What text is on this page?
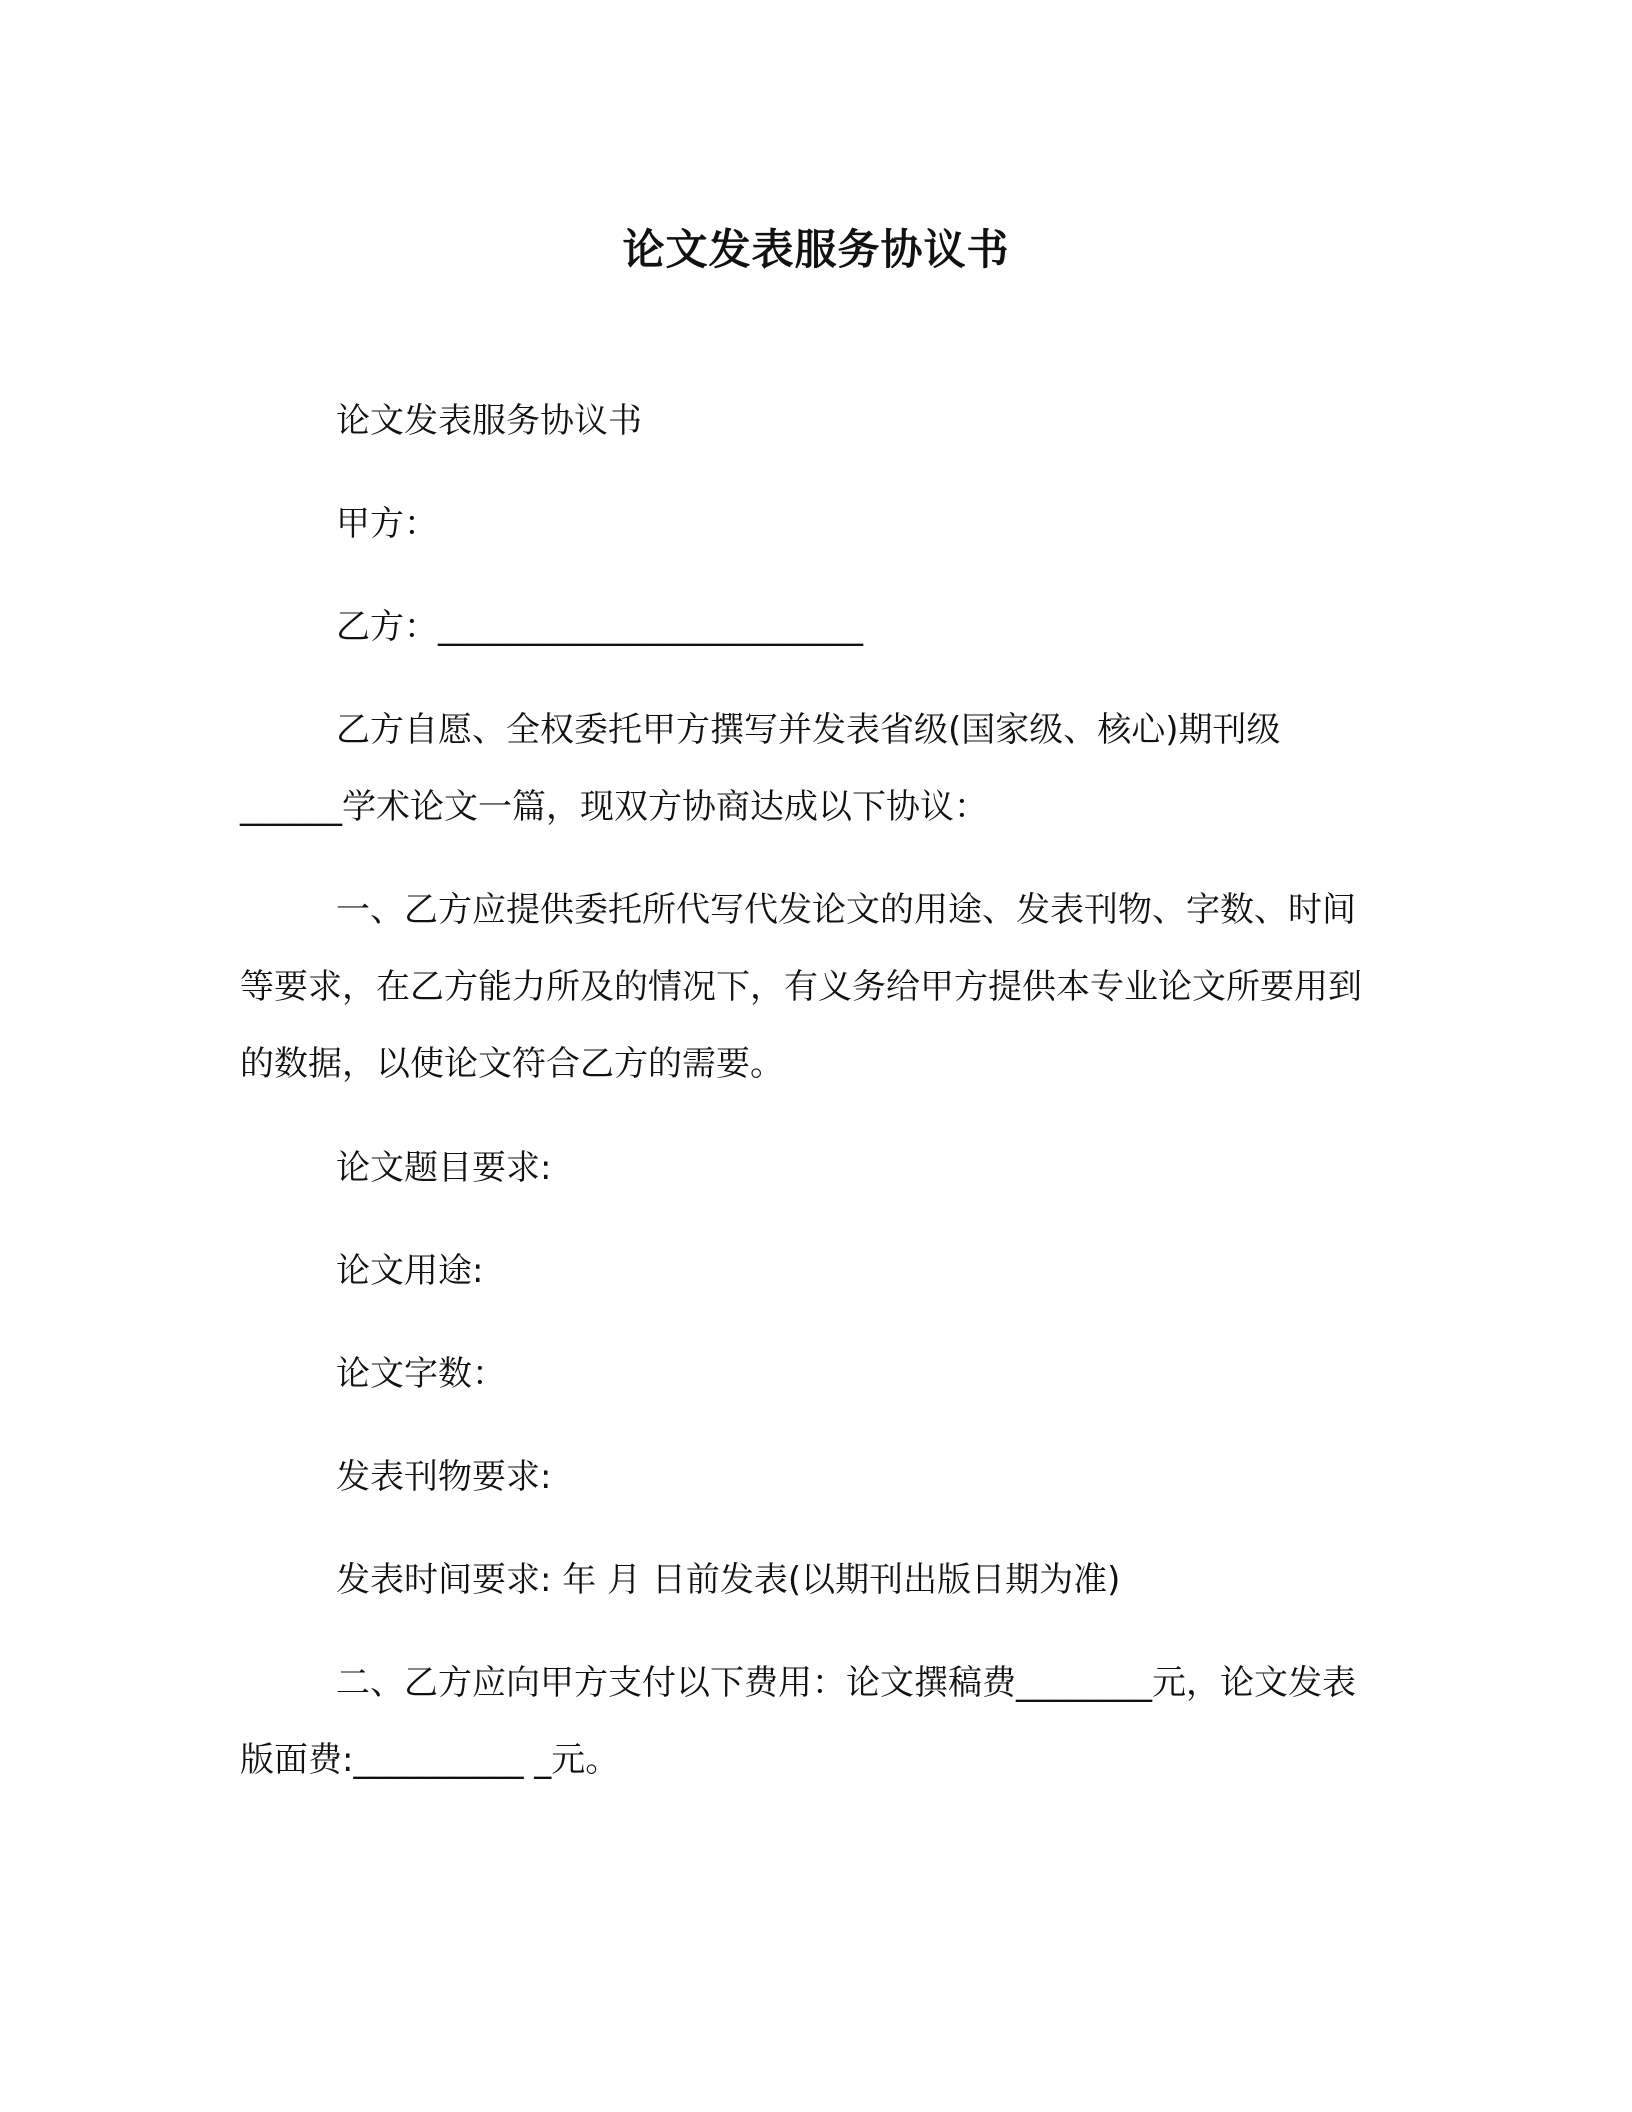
论文发表服务协议书

论文发表服务协议书

甲方：

乙方：_________________________

乙方自愿、全权委托甲方撰写并发表省级(国家级、核心)期刊级______学术论文一篇，现双方协商达成以下协议：

一、乙方应提供委托所代写代发论文的用途、发表刊物、字数、时间等要求，在乙方能力所及的情况下，有义务给甲方提供本专业论文所要用到的数据，以使论文符合乙方的需要。

论文题目要求:

论文用途:

论文字数：

发表刊物要求:

发表时间要求: 年 月 日前发表(以期刊出版日期为准)

二、乙方应向甲方支付以下费用：论文撰稿费________元，论文发表版面费:__________ _元。
